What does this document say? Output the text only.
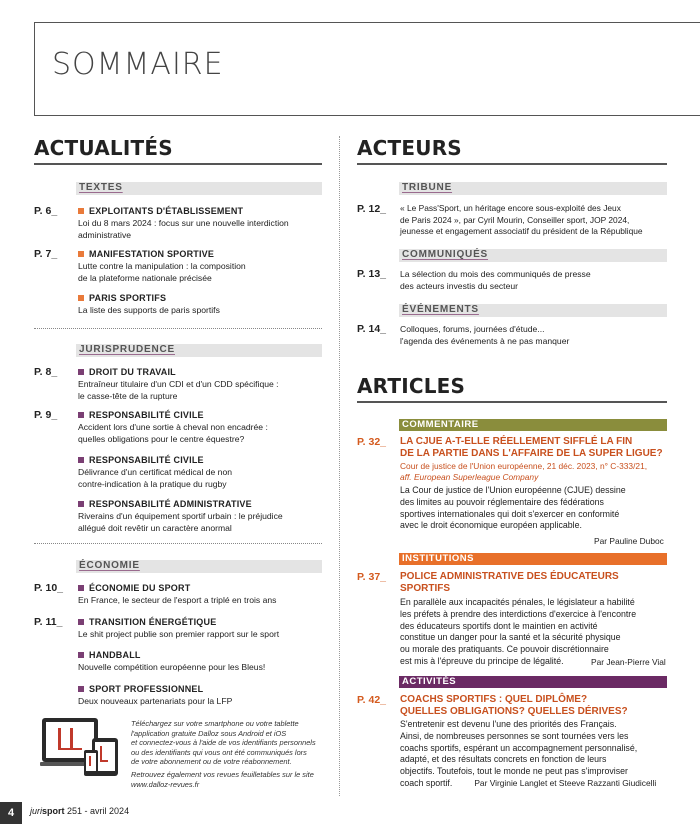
SOMMAIRE
ACTUALITÉS
TEXTES
P. 6_	EXPLOITANTS D'ÉTABLISSEMENT
Loi du 8 mars 2024 : focus sur une nouvelle interdiction
administrative
P. 7_	MANIFESTATION SPORTIVE
Lutte contre la manipulation : la composition
de la plateforme nationale précisée
PARIS SPORTIFS
La liste des supports de paris sportifs
JURISPRUDENCE
P. 8_	DROIT DU TRAVAIL
Entraîneur titulaire d'un CDI et d'un CDD spécifique :
le casse-tête de la rupture
P. 9_	RESPONSABILITÉ CIVILE
Accident lors d'une sortie à cheval non encadrée :
quelles obligations pour le centre équestre?
RESPONSABILITÉ CIVILE
Délivrance d'un certificat médical de non
contre-indication à la pratique du rugby
RESPONSABILITÉ ADMINISTRATIVE
Riverains d'un équipement sportif urbain : le préjudice
allégué doit revêtir un caractère anormal
ÉCONOMIE
P. 10_	ÉCONOMIE DU SPORT
En France, le secteur de l'esport a triplé en trois ans
P. 11_	TRANSITION ÉNERGÉTIQUE
Le shit project publie son premier rapport sur le sport
HANDBALL
Nouvelle compétition européenne pour les Bleus!
SPORT PROFESSIONNEL
Deux nouveaux partenariats pour la LFP
Téléchargez sur votre smartphone ou votre tablette
l'application gratuite Dalloz sous Android et iOS
et connectez-vous à l'aide de vos identifiants personnels
ou des identifiants qui vous ont été communiqués lors
de votre abonnement ou de votre réabonnement.
Retrouvez également vos revues feuilletables sur le site
www.dalloz-revues.fr
ACTEURS
TRIBUNE
P. 12_ « Le Pass'Sport, un héritage encore sous-exploité des Jeux
de Paris 2024 », par Cyril Mourin, Conseiller sport, JOP 2024,
jeunesse et engagement associatif du président de la République
COMMUNIQUÉS
P. 13_ La sélection du mois des communiqués de presse
des acteurs investis du secteur
ÉVÉNEMENTS
P. 14_ Colloques, forums, journées d'étude...
l'agenda des événements à ne pas manquer
ARTICLES
COMMENTAIRE
P. 32_ LA CJUE A-T-ELLE RÉELLEMENT SIFFLÉ LA FIN
DE LA PARTIE DANS L'AFFAIRE DE LA SUPER LIGUE?
Cour de justice de l'Union européenne, 21 déc. 2023, n° C-333/21,
aff. European Superleague Company
La Cour de justice de l'Union européenne (CJUE) dessine
des limites au pouvoir réglementaire des fédérations
sportives internationales qui doit s'exercer en conformité
avec le droit économique européen applicable.
Par Pauline Duboc
INSTITUTIONS
P. 37_ POLICE ADMINISTRATIVE DES ÉDUCATEURS
SPORTIFS
En parallèle aux incapacités pénales, le législateur a habilité
les préfets à prendre des interdictions d'exercice à l'encontre
des éducateurs sportifs dont le maintien en activité
constitue un danger pour la santé et la sécurité physique
ou morale des pratiquants. Ce pouvoir discrétionnaire
est mis à l'épreuve du principe de légalité.	Par Jean-Pierre Vial
ACTIVITÉS
P. 42_ COACHS SPORTIFS : QUEL DIPLÔME?
QUELLES OBLIGATIONS? QUELLES DÉRIVES?
S'entretenir est devenu l'une des priorités des Français.
Ainsi, de nombreuses personnes se sont tournées vers les
coachs sportifs, espérant un accompagnement personnalisé,
adapté, et des résultats concrets en fonction de leurs
objectifs. Toutefois, tout le monde ne peut pas s'improviser
coach sportif.	Par Virginie Langlet et Steeve Razzanti Giudicelli
4	jurisport 251 - avril 2024
